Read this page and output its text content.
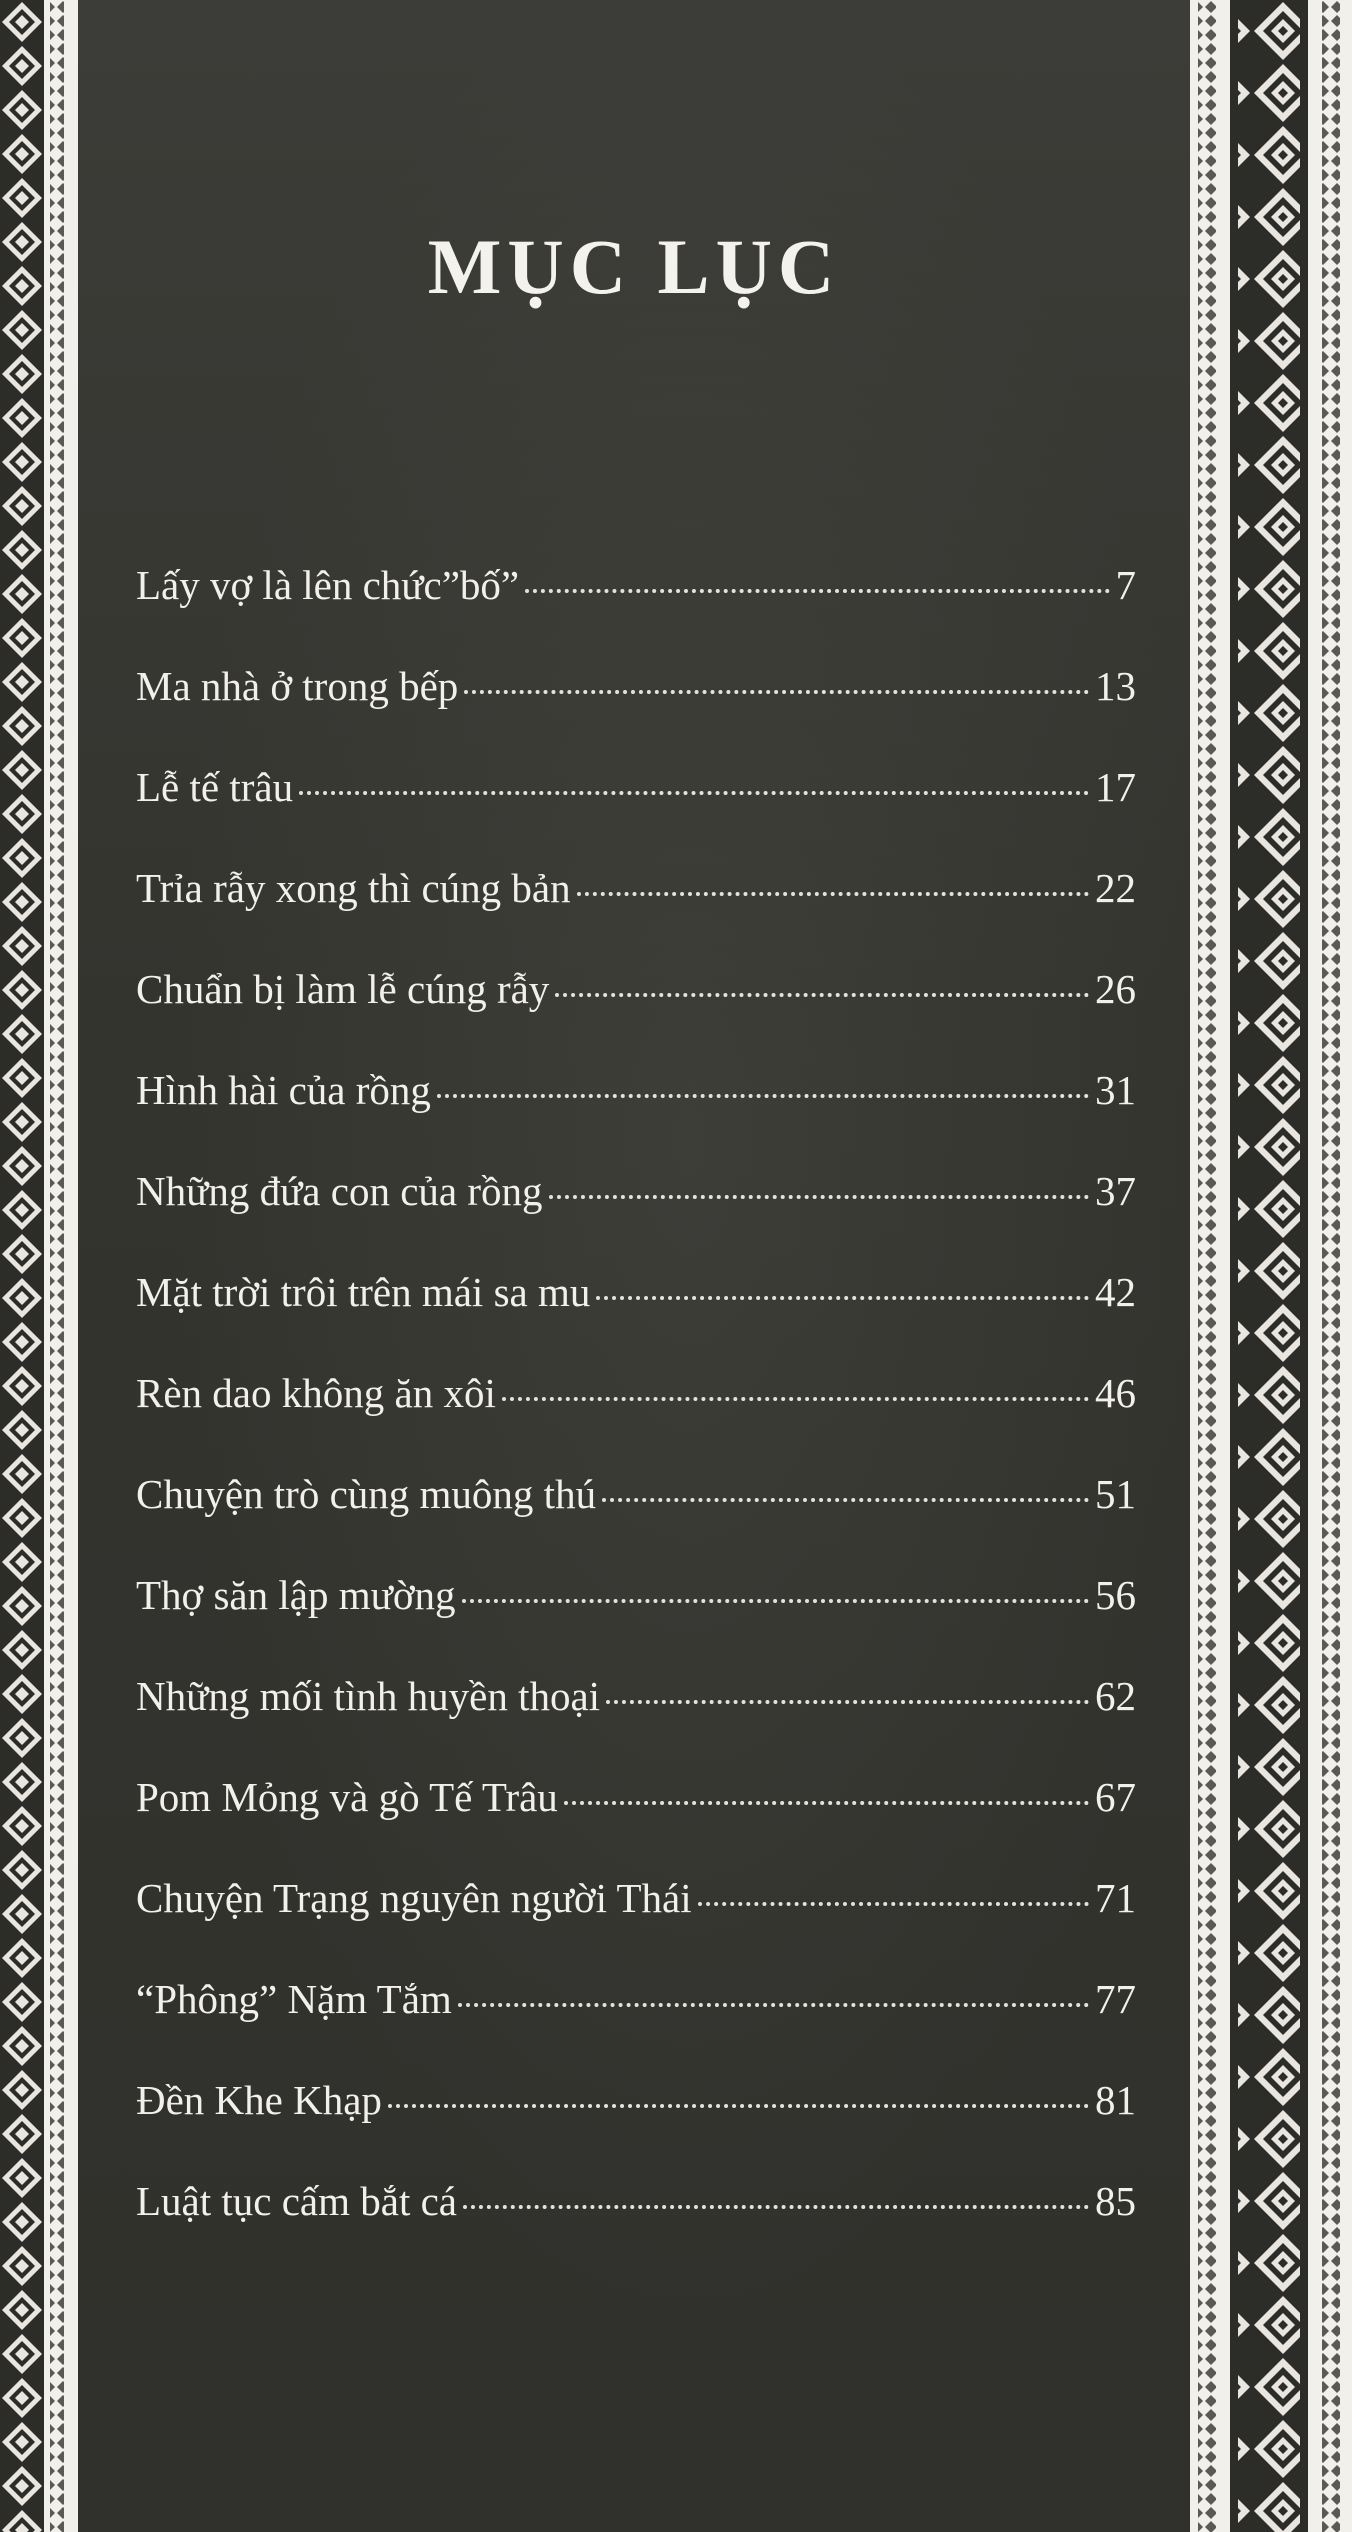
MỤC LỤC
Lấy vợ là lên chức”bố”	7
Ma nhà ở trong bếp	13
Lễ tế trâu	17
Trỉa rẫy xong thì cúng bản	22
Chuẩn bị làm lễ cúng rẫy	26
Hình hài của rồng	31
Những đứa con của rồng	37
Mặt trời trôi trên mái sa mu	42
Rèn dao không ăn xôi	46
Chuyện trò cùng muông thú	51
Thợ săn lập mường	56
Những mối tình huyền thoại	62
Pom Mỏng và gò Tế Trâu	67
Chuyện Trạng nguyên người Thái	71
“Phông” Nặm Tắm	77
Đền Khe Khạp	81
Luật tục cấm bắt cá	85
